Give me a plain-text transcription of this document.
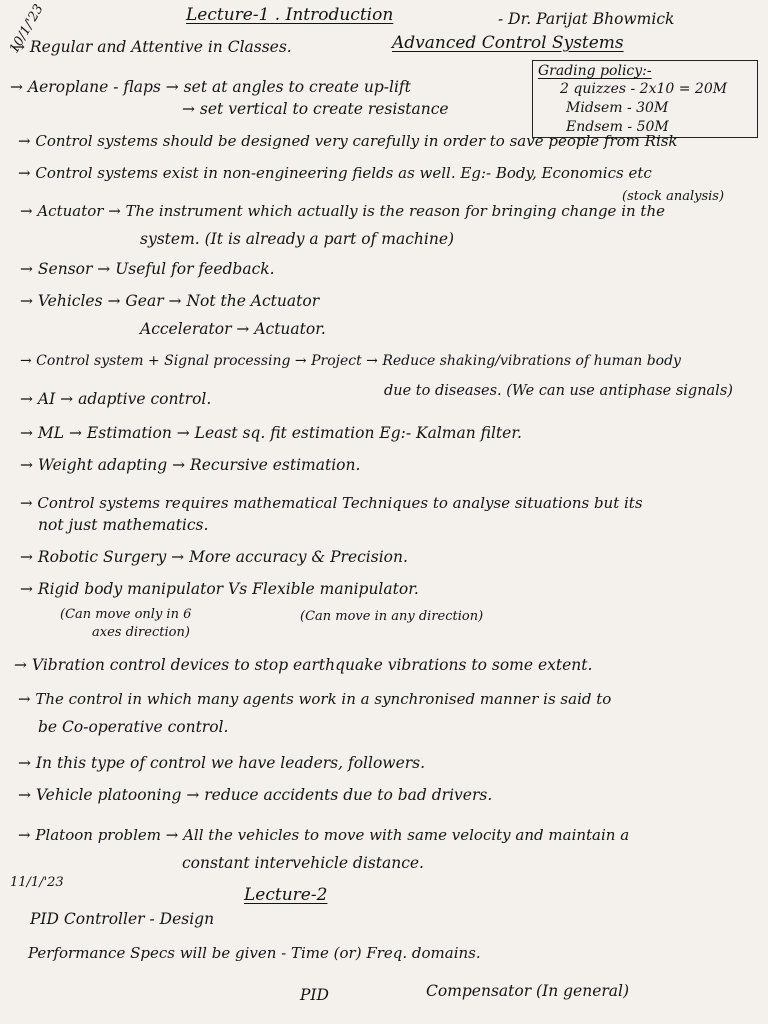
10/1/'23	Lecture-1 . Introduction	- Dr. Parijat Bhowmick
Advanced Control Systems
Grading policy:-
2 quizzes - 2x10 = 20M
Midsem - 30M
Endsem - 50M
→ Regular and Attentive in Classes.
→ Aeroplane - flaps → set at angles to create up-lift
→ set vertical to create resistance
→ Control systems should be designed very carefully in order to save people from Risk
→ Control systems exist in non-engineering fields as well. Eg:- Body, Economics etc
(stock analysis)
→ Actuator → The instrument which actually is the reason for bringing change in the
system. (It is already a part of machine)
→ Sensor → Useful for feedback.
→ Vehicles → Gear → Not the Actuator
Accelerator → Actuator.
→ Control system + Signal processing → Project → Reduce shaking/vibrations of human body
due to diseases. (We can use antiphase signals)
→ AI → adaptive control.
→ ML → Estimation → Least sq. fit estimation Eg:- Kalman filter.
→ Weight adapting → Recursive estimation.
→ Control systems requires mathematical Techniques to analyse situations but its
not just mathematics.
→ Robotic Surgery → More accuracy & Precision.
→ Rigid body manipulator Vs Flexible manipulator.
(Can move only in 6
axes direction)
(Can move in any direction)
→ Vibration control devices to stop earthquake vibrations to some extent.
→ The control in which many agents work in a synchronised manner is said to
be Co-operative control.
→ In this type of control we have leaders, followers.
→ Vehicle platooning → reduce accidents due to bad drivers.
→ Platoon problem → All the vehicles to move with same velocity and maintain a
constant intervehicle distance.
11/1/'23
Lecture-2
PID Controller - Design
Performance Specs will be given - Time (or) Freq. domains.
PID	Compensator (In general)
